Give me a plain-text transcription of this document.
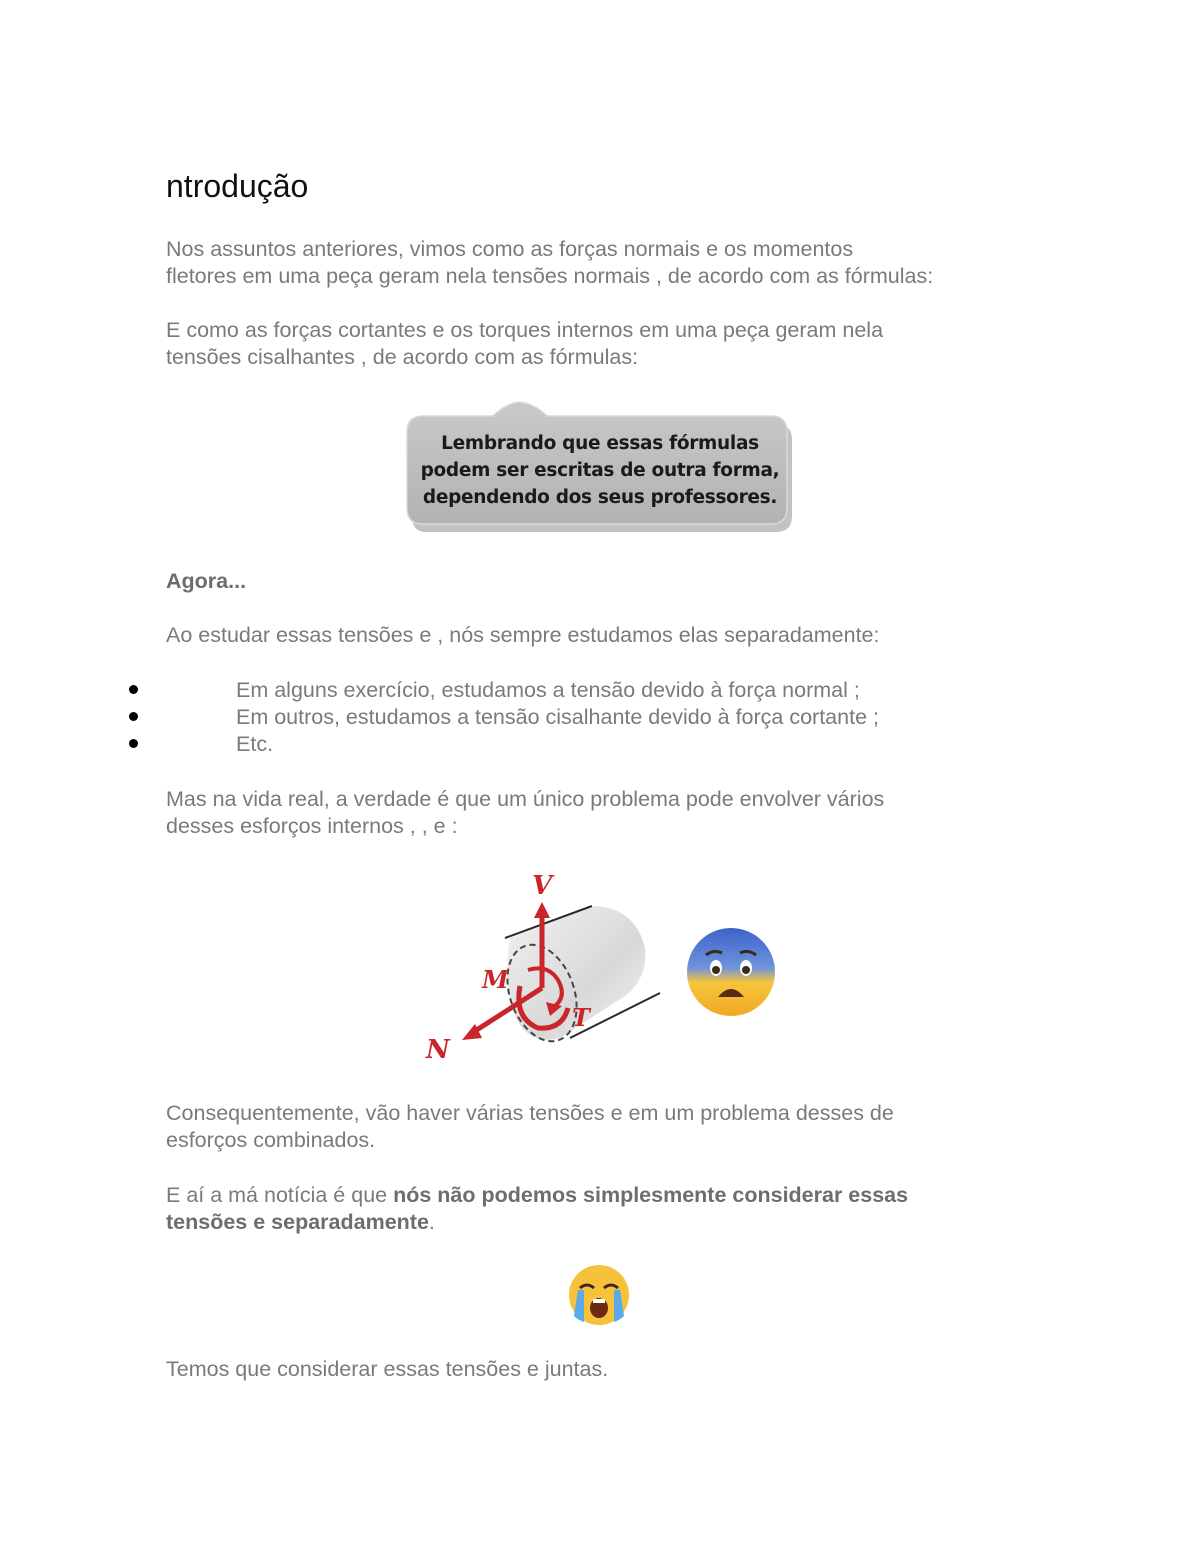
ntrodução
Nos assuntos anteriores, vimos como as forças normais e os momentos
fletores em uma peça geram nela tensões normais , de acordo com as fórmulas:
E como as forças cortantes e os torques internos em uma peça geram nela
tensões cisalhantes , de acordo com as fórmulas:
Lembrando que essas fórmulas
podem ser escritas de outra forma,
dependendo dos seus professores.
Agora...
Ao estudar essas tensões e , nós sempre estudamos elas separadamente:
Em alguns exercício, estudamos a tensão devido à força normal ;
Em outros, estudamos a tensão cisalhante devido à força cortante ;
Etc.
Mas na vida real, a verdade é que um único problema pode envolver vários
desses esforços internos , , e :
V
M
N
T
Consequentemente, vão haver várias tensões e em um problema desses de
esforços combinados.
E aí a má notícia é que nós não podemos simplesmente considerar essas
tensões e separadamente.
Temos que considerar essas tensões e juntas.
